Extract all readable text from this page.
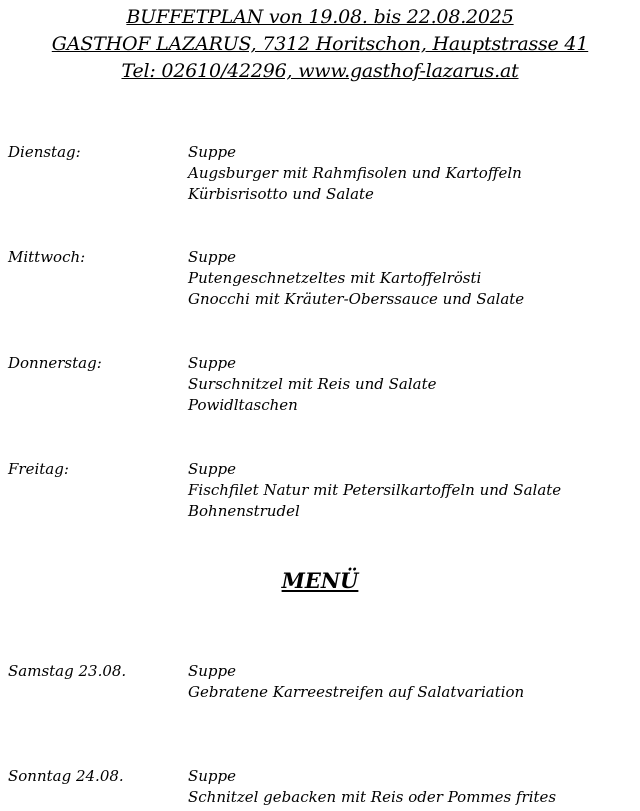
BUFFETPLAN von 19.08. bis 22.08.2025
GASTHOF LAZARUS, 7312 Horitschon, Hauptstrasse 41
Tel: 02610/42296, www.gasthof-lazarus.at
Dienstag:	Suppe
Augsburger mit Rahmfisolen und Kartoffeln
Kürbisrisotto und Salate
Mittwoch:	Suppe
Putengeschnetzeltes mit Kartoffelrösti
Gnocchi mit Kräuter-Oberssauce und Salate
Donnerstag:	Suppe
Surschnitzel mit Reis und Salate
Powidltaschen
Freitag:	Suppe
Fischfilet Natur mit Petersilkartoffeln und Salate
Bohnenstrudel
MENÜ
Samstag 23.08.	Suppe
Gebratene Karreestreifen auf Salatvariation
Sonntag 24.08.	Suppe
Schnitzel gebacken mit Reis oder Pommes frites
